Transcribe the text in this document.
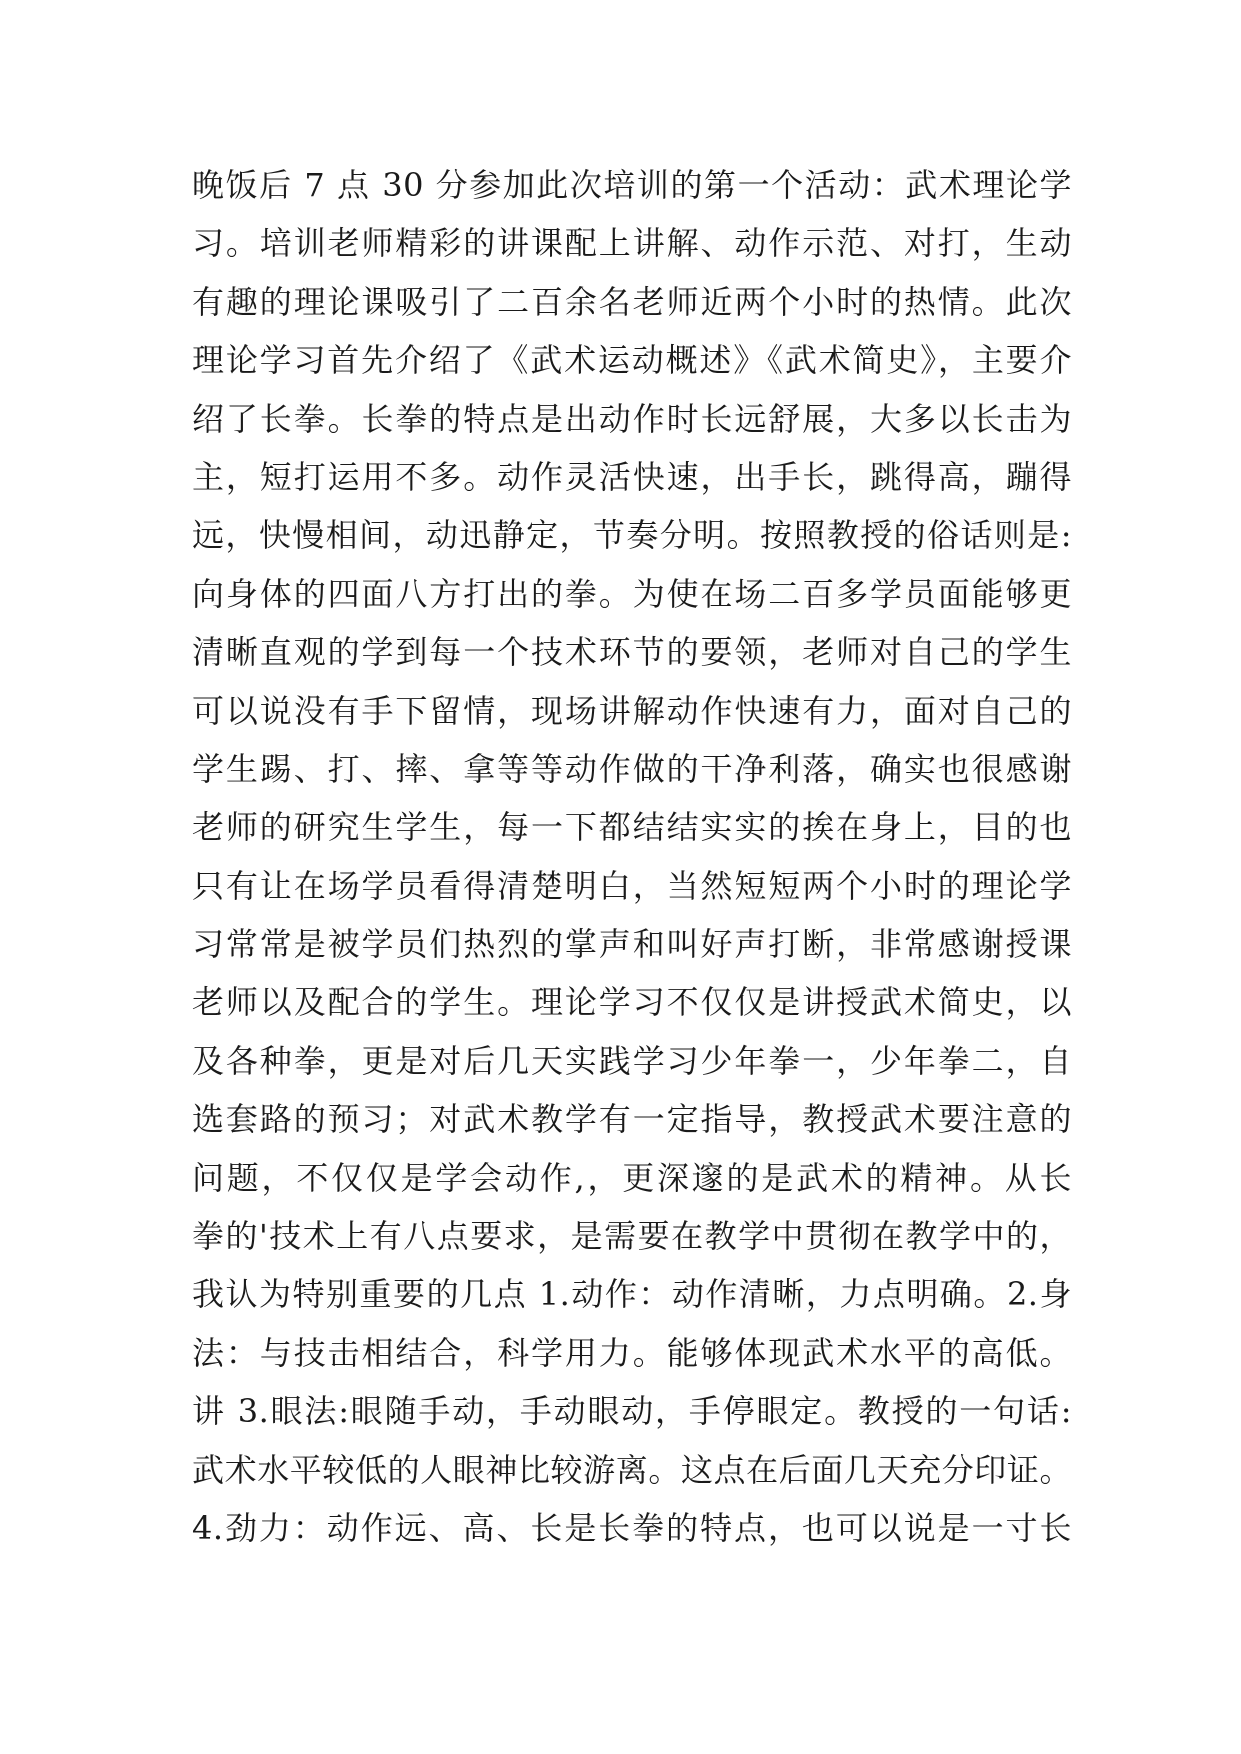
晚饭后 7 点 30 分参加此次培训的第一个活动：武术理论学
习。培训老师精彩的讲课配上讲解、动作示范、对打，生动
有趣的理论课吸引了二百余名老师近两个小时的热情。此次
理论学习首先介绍了《武术运动概述》《武术简史》，主要介
绍了长拳。长拳的特点是出动作时长远舒展，大多以长击为
主，短打运用不多。动作灵活快速，出手长，跳得高，蹦得
远，快慢相间，动迅静定，节奏分明。按照教授的俗话则是:
向身体的四面八方打出的拳。为使在场二百多学员面能够更
清晰直观的学到每一个技术环节的要领，老师对自己的学生
可以说没有手下留情，现场讲解动作快速有力，面对自己的
学生踢、打、摔、拿等等动作做的干净利落，确实也很感谢
老师的研究生学生，每一下都结结实实的挨在身上，目的也
只有让在场学员看得清楚明白，当然短短两个小时的理论学
习常常是被学员们热烈的掌声和叫好声打断，非常感谢授课
老师以及配合的学生。理论学习不仅仅是讲授武术简史，以
及各种拳，更是对后几天实践学习少年拳一，少年拳二，自
选套路的预习；对武术教学有一定指导，教授武术要注意的
问题，不仅仅是学会动作,，更深邃的是武术的精神。从长
拳的'技术上有八点要求，是需要在教学中贯彻在教学中的，
我认为特别重要的几点 1.动作：动作清晰，力点明确。2.身
法：与技击相结合，科学用力。能够体现武术水平的高低。
讲 3.眼法:眼随手动，手动眼动，手停眼定。教授的一句话:
武术水平较低的人眼神比较游离。这点在后面几天充分印证。
4.劲力：动作远、高、长是长拳的特点，也可以说是一寸长
